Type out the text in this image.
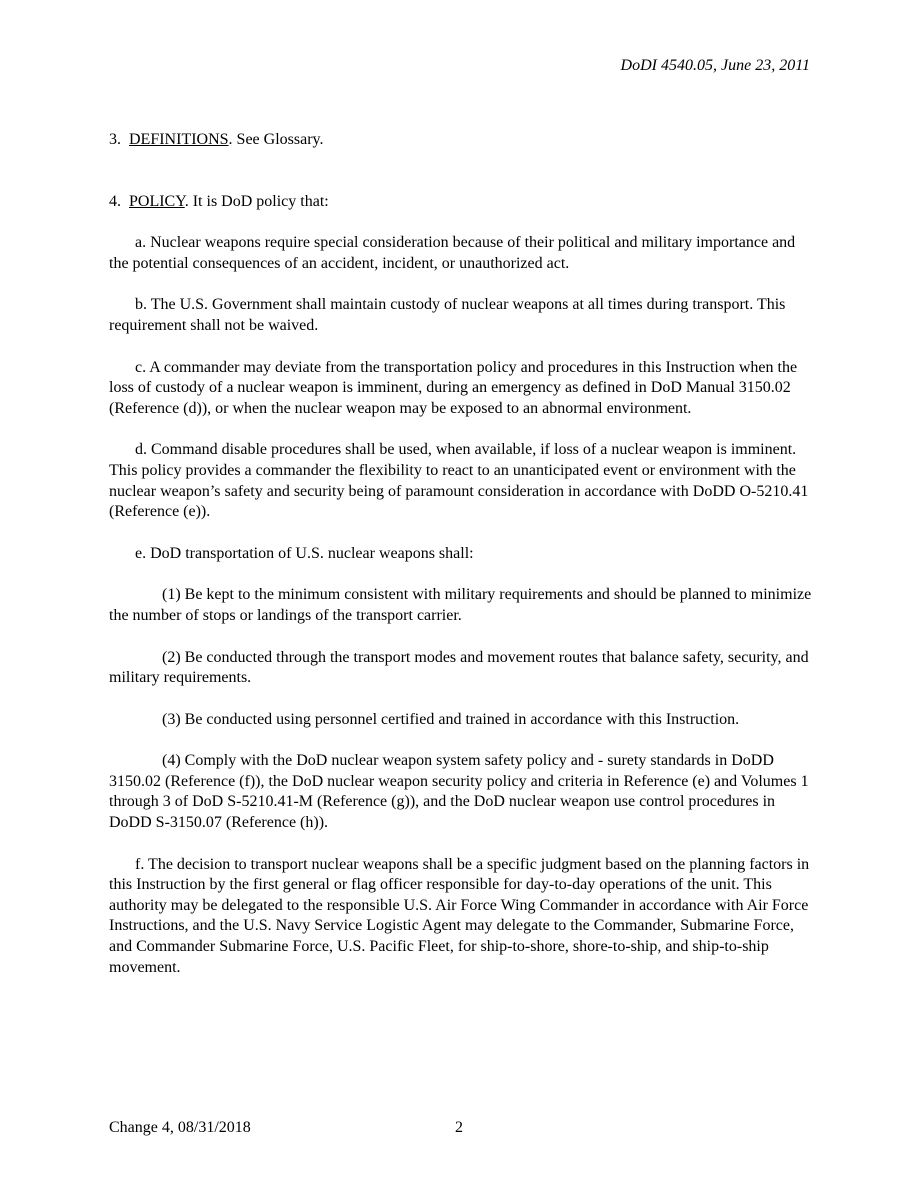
DoDI 4540.05, June 23, 2011

3. DEFINITIONS. See Glossary.

4. POLICY. It is DoD policy that:

a. Nuclear weapons require special consideration because of their political and military importance and the potential consequences of an accident, incident, or unauthorized act.

b. The U.S. Government shall maintain custody of nuclear weapons at all times during transport. This requirement shall not be waived.

c. A commander may deviate from the transportation policy and procedures in this Instruction when the loss of custody of a nuclear weapon is imminent, during an emergency as defined in DoD Manual 3150.02 (Reference (d)), or when the nuclear weapon may be exposed to an abnormal environment.

d. Command disable procedures shall be used, when available, if loss of a nuclear weapon is imminent. This policy provides a commander the flexibility to react to an unanticipated event or environment with the nuclear weapon’s safety and security being of paramount consideration in accordance with DoDD O-5210.41 (Reference (e)).

e. DoD transportation of U.S. nuclear weapons shall:

(1) Be kept to the minimum consistent with military requirements and should be planned to minimize the number of stops or landings of the transport carrier.

(2) Be conducted through the transport modes and movement routes that balance safety, security, and military requirements.

(3) Be conducted using personnel certified and trained in accordance with this Instruction.

(4) Comply with the DoD nuclear weapon system safety policy and - surety standards in DoDD 3150.02 (Reference (f)), the DoD nuclear weapon security policy and criteria in Reference (e) and Volumes 1 through 3 of DoD S-5210.41-M (Reference (g)), and the DoD nuclear weapon use control procedures in DoDD S-3150.07 (Reference (h)).

f. The decision to transport nuclear weapons shall be a specific judgment based on the planning factors in this Instruction by the first general or flag officer responsible for day-to-day operations of the unit. This authority may be delegated to the responsible U.S. Air Force Wing Commander in accordance with Air Force Instructions, and the U.S. Navy Service Logistic Agent may delegate to the Commander, Submarine Force, and Commander Submarine Force, U.S. Pacific Fleet, for ship-to-shore, shore-to-ship, and ship-to-ship movement.

Change 4, 08/31/2018	2
